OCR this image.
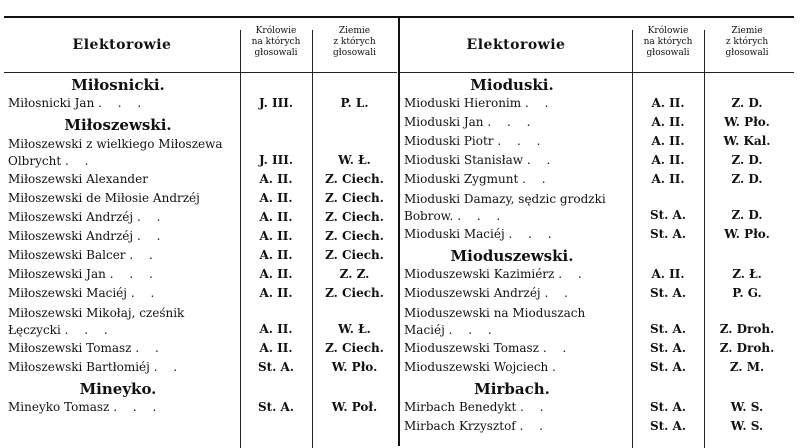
Elektorowie
Królowie
na których
głosowali
Ziemie
z których
głosowali
Miłosnicki.
Miłosnicki Jan . . .	J. III.	P. L.
Miłoszewski.
Miłoszewski z wielkiego Miłoszewa Olbrycht . .	J. III.	W. Ł.
Miłoszewski Alexander	A. II.	Z. Ciech.
Miłoszewski de Miłosie Andrzéj	A. II.	Z. Ciech.
Miłoszewski Andrzéj . .	A. II.	Z. Ciech.
Miłoszewski Andrzéj . .	A. II.	Z. Ciech.
Miłoszewski Balcer . .	A. II.	Z. Ciech.
Miłoszewski Jan . . .	A. II.	Z. Z.
Miłoszewski Maciéj . .	A. II.	Z. Ciech.
Miłoszewski Mikołaj, cześnik Łęczycki . . .	A. II.	W. Ł.
Miłoszewski Tomasz . .	A. II.	Z. Ciech.
Miłoszewski Bartłomiéj . .	St. A.	W. Pło.
Mineyko.
Mineyko Tomasz . . .	St. A.	W. Poł.
Elektorowie
Królowie
na których
głosowali
Ziemie
z których
głosowali
Mioduski.
Mioduski Hieronim . .	A. II.	Z. D.
Mioduski Jan . . .	A. II.	W. Pło.
Mioduski Piotr . . .	A. II.	W. Kal.
Mioduski Stanisław . .	A. II.	Z. D.
Mioduski Zygmunt . .	A. II.	Z. D.
Mioduski Damazy, sędzic grodzki Bobrow. . . .	St. A.	Z. D.
Mioduski Maciéj . . .	St. A.	W. Pło.
Mioduszewski.
Mioduszewski Kazimiérz . .	A. II.	Z. Ł.
Mioduszewski Andrzéj . .	St. A.	P. G.
Mioduszewski na Mioduszach Maciéj . . .	St. A.	Z. Droh.
Mioduszewski Tomasz . .	St. A.	Z. Droh.
Mioduszewski Wojciech .	St. A.	Z. M.
Mirbach.
Mirbach Benedykt . .	St. A.	W. S.
Mirbach Krzysztof . .	St. A.	W. S.
